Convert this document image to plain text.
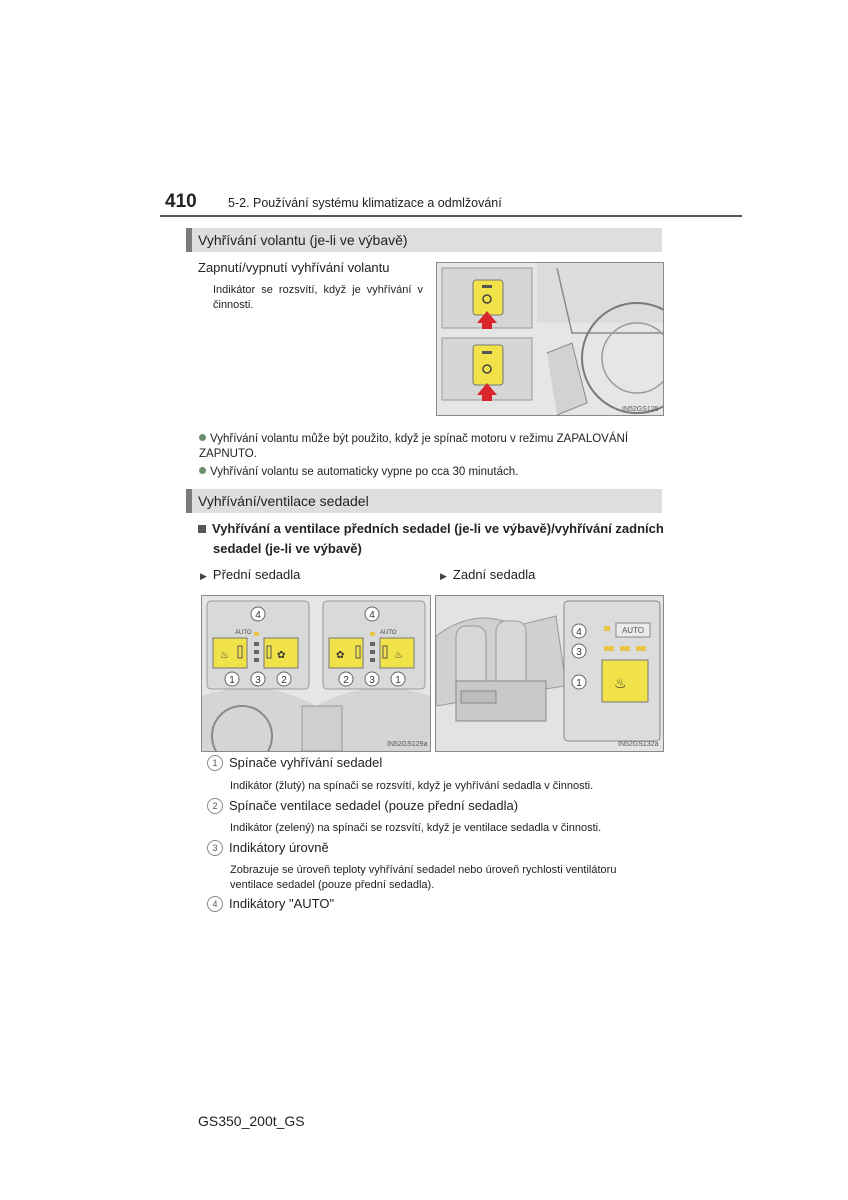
410	5-2. Používání systému klimatizace a odmlžování
Vyhřívání volantu (je-li ve výbavě)
Zapnutí/vypnutí vyhřívání volantu
Indikátor se rozsvítí, když je vyhřívání v činnosti.
IN52GS125
Vyhřívání volantu může být použito, když je spínač motoru v režimu ZAPALOVÁNÍ ZAPNUTO.
Vyhřívání volantu se automaticky vypne po cca 30 minutách.
Vyhřívání/ventilace sedadel
Vyhřívání a ventilace předních sedadel (je-li ve výbavě)/vyhřívání zadních
sedadel (je-li ve výbavě)
▶ Přední sedadla	▶ Zadní sedadla
AUTO
♨	✿
AUTO
✿	♨
4
1 3 2
4
2 3 1
IN52GS129a
AUTO
♨
4
3
1
IN52GS132a
1 Spínače vyhřívání sedadel
Indikátor (žlutý) na spínači se rozsvítí, když je vyhřívání sedadla v činnosti.
2 Spínače ventilace sedadel (pouze přední sedadla)
Indikátor (zelený) na spínači se rozsvítí, když je ventilace sedadla v činnosti.
3 Indikátory úrovně
Zobrazuje se úroveň teploty vyhřívání sedadel nebo úroveň rychlosti ventilátoru
ventilace sedadel (pouze přední sedadla).
4 Indikátory "AUTO"
GS350_200t_GS
